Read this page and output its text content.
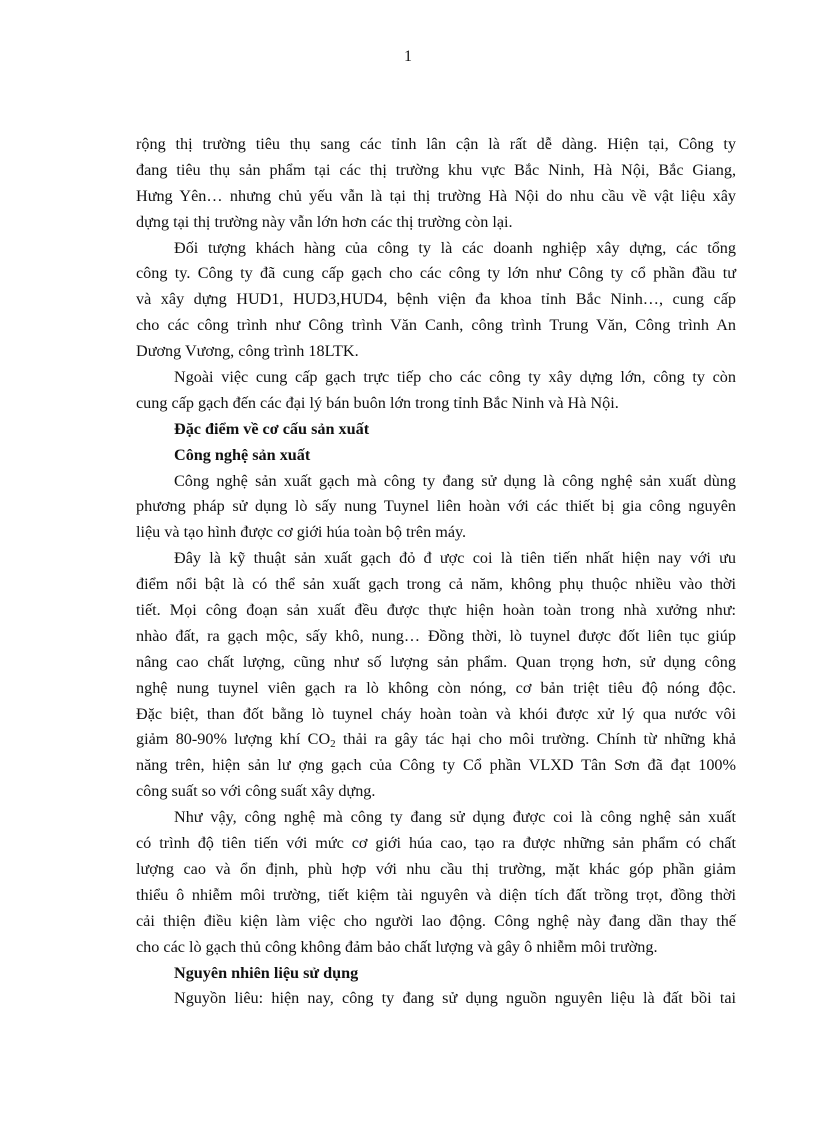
1
rộng thị trường tiêu thụ sang các tỉnh lân cận là rất dễ dàng. Hiện tại, Công ty
đang tiêu thụ sản phẩm tại các thị trường khu vực Bắc Ninh, Hà Nội, Bắc Giang,
Hưng Yên… nhưng chủ yếu vẫn là tại thị trường Hà Nội do nhu cầu về vật liệu xây
dựng tại thị trường này vẫn lớn hơn các thị trường còn lại.
Đối tượng khách hàng của công ty là các doanh nghiệp xây dựng, các tổng
công ty. Công ty đã cung cấp gạch cho các công ty lớn như Công ty cổ phần đầu tư
và xây dựng HUD1, HUD3,HUD4, bệnh viện đa khoa tỉnh Bắc Ninh…, cung cấp
cho các công trình như Công trình Văn Canh, công trình Trung Văn, Công trình An
Dương Vương, công trình 18LTK.
Ngoài việc cung cấp gạch trực tiếp cho các công ty xây dựng lớn, công ty còn
cung cấp gạch đến các đại lý bán buôn lớn trong tỉnh Bắc Ninh và Hà Nội.
Đặc điểm về cơ cấu sản xuất
Công nghệ sản xuất
Công nghệ sản xuất gạch mà công ty đang sử dụng là công nghệ sản xuất dùng
phương pháp sử dụng lò sấy nung Tuynel liên hoàn với các thiết bị gia công nguyên
liệu và tạo hình được cơ giới húa toàn bộ trên máy.
Đây là kỹ thuật sản xuất gạch đỏ đ ược coi là tiên tiến nhất hiện nay với ưu
điểm nổi bật là có thể sản xuất gạch trong cả năm, không phụ thuộc nhiều vào thời
tiết. Mọi công đoạn sản xuất đều được thực hiện hoàn toàn trong nhà xưởng như:
nhào đất, ra gạch mộc, sấy khô, nung… Đồng thời, lò tuynel được đốt liên tục giúp
nâng cao chất lượng, cũng như số lượng sản phẩm. Quan trọng hơn, sử dụng công
nghệ nung tuynel viên gạch ra lò không còn nóng, cơ bản triệt tiêu độ nóng độc.
Đặc biệt, than đốt bằng lò tuynel cháy hoàn toàn và khói được xử lý qua nước vôi
giảm 80-90% lượng khí $CO_2$ thải ra gây tác hại cho môi trường. Chính từ những khả
năng trên, hiện sản lư ợng gạch của Công ty Cổ phần VLXD Tân Sơn đã đạt 100%
công suất so với công suất xây dựng.
Như vậy, công nghệ mà công ty đang sử dụng được coi là công nghệ sản xuất
có trình độ tiên tiến với mức cơ giới húa cao, tạo ra được những sản phẩm có chất
lượng cao và ổn định, phù hợp với nhu cầu thị trường, mặt khác góp phần giảm
thiểu ô nhiễm môi trường, tiết kiệm tài nguyên và diện tích đất trồng trọt, đồng thời
cải thiện điều kiện làm việc cho người lao động. Công nghệ này đang dần thay thế
cho các lò gạch thủ công không đảm bảo chất lượng và gây ô nhiễm môi trường.
Nguyên nhiên liệu sử dụng
Nguyồn liêu: hiện nay, công ty đang sử dụng nguồn nguyên liệu là đất bồi tai
